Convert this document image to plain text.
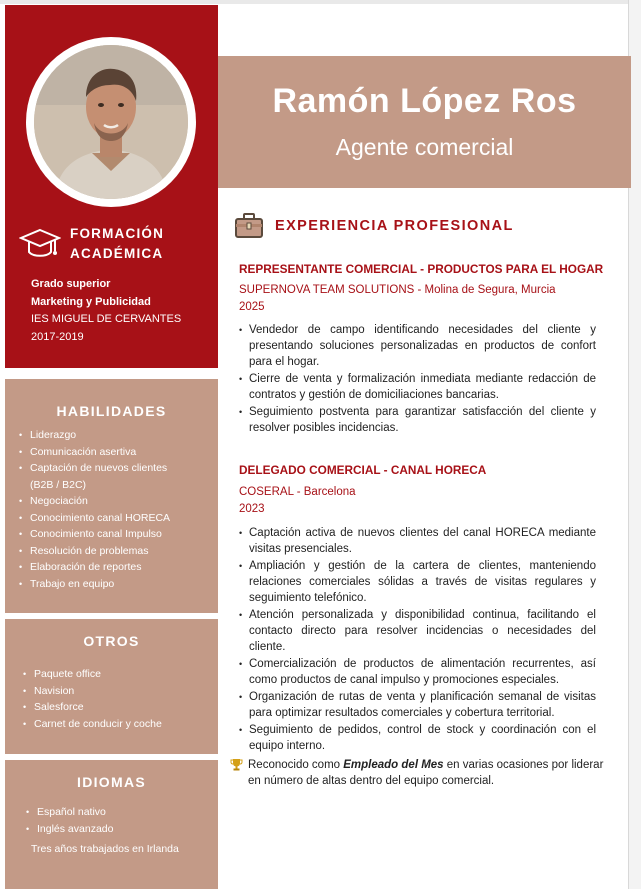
FORMACIÓN
ACADÉMICA
Grado superior
Marketing y Publicidad
IES MIGUEL DE CERVANTES
2017-2019
HABILIDADES
• Liderazgo
• Comunicación asertiva
• Captación de nuevos clientes
(B2B / B2C)
• Negociación
• Conocimiento canal HORECA
• Conocimiento canal Impulso
• Resolución de problemas
• Elaboración de reportes
• Trabajo en equipo
OTROS
• Paquete office
• Navision
• Salesforce
• Carnet de conducir y coche
IDIOMAS
• Español nativo
• Inglés avanzado
Tres años trabajados en Irlanda
Ramón López Ros
Agente comercial
EXPERIENCIA PROFESIONAL
REPRESENTANTE COMERCIAL - PRODUCTOS PARA EL HOGAR
SUPERNOVA TEAM SOLUTIONS - Molina de Segura, Murcia
2025
• Vendedor de campo identificando necesidades del cliente y presentando soluciones personalizadas en productos de confort para el hogar.
• Cierre de venta y formalización inmediata mediante redacción de contratos y gestión de domiciliaciones bancarias.
• Seguimiento postventa para garantizar satisfacción del cliente y resolver posibles incidencias.
DELEGADO COMERCIAL - CANAL HORECA
COSERAL - Barcelona
2023
• Captación activa de nuevos clientes del canal HORECA mediante visitas presenciales.
• Ampliación y gestión de la cartera de clientes, manteniendo relaciones comerciales sólidas a través de visitas regulares y seguimiento telefónico.
• Atención personalizada y disponibilidad continua, facilitando el contacto directo para resolver incidencias o necesidades del cliente.
• Comercialización de productos de alimentación recurrentes, así como productos de canal impulso y promociones especiales.
• Organización de rutas de venta y planificación semanal de visitas para optimizar resultados comerciales y cobertura territorial.
• Seguimiento de pedidos, control de stock y coordinación con el equipo interno.
Reconocido como Empleado del Mes en varias ocasiones por liderar en número de altas dentro del equipo comercial.
